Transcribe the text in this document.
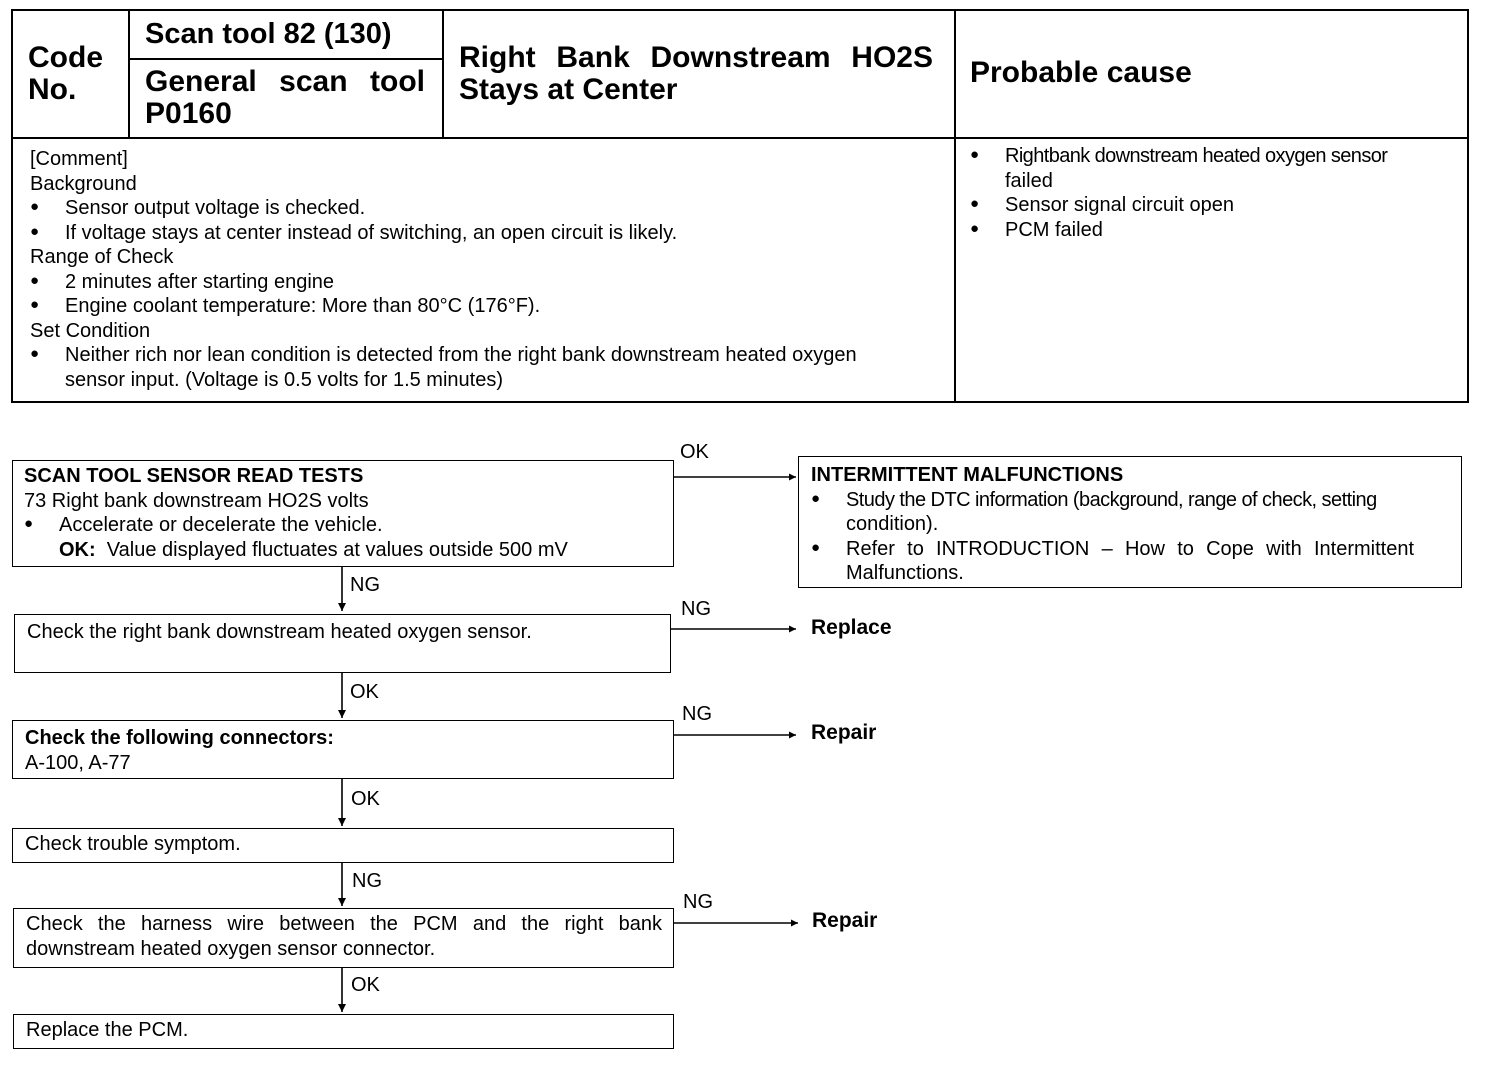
Code
No.
Scan tool 82 (130)
General scan tool
P0160
Right Bank Downstream HO2S
Stays at Center
Probable cause
[Comment]
Background
● Sensor output voltage is checked.
● If voltage stays at center instead of switching, an open circuit is likely.
Range of Check
● 2 minutes after starting engine
● Engine coolant temperature: More than 80°C (176°F).
Set Condition
● Neither rich nor lean condition is detected from the right bank downstream heated oxygen
sensor input. (Voltage is 0.5 volts for 1.5 minutes)
● Rightbank downstream heated oxygen sensor
failed
● Sensor signal circuit open
● PCM failed
SCAN TOOL SENSOR READ TESTS
73 Right bank downstream HO2S volts
● Accelerate or decelerate the vehicle.
OK: Value displayed fluctuates at values outside 500 mV
INTERMITTENT MALFUNCTIONS
● Study the DTC information (background, range of check, setting
condition).
● Refer to INTRODUCTION – How to Cope with Intermittent
Malfunctions.
Check the right bank downstream heated oxygen sensor.
Check the following connectors:
A-100, A-77
Check trouble symptom.
Check the harness wire between the PCM and the right bank
downstream heated oxygen sensor connector.
Replace the PCM.
OK
NG
NG
OK
NG
OK
NG
NG
OK
Replace
Repair
Repair
